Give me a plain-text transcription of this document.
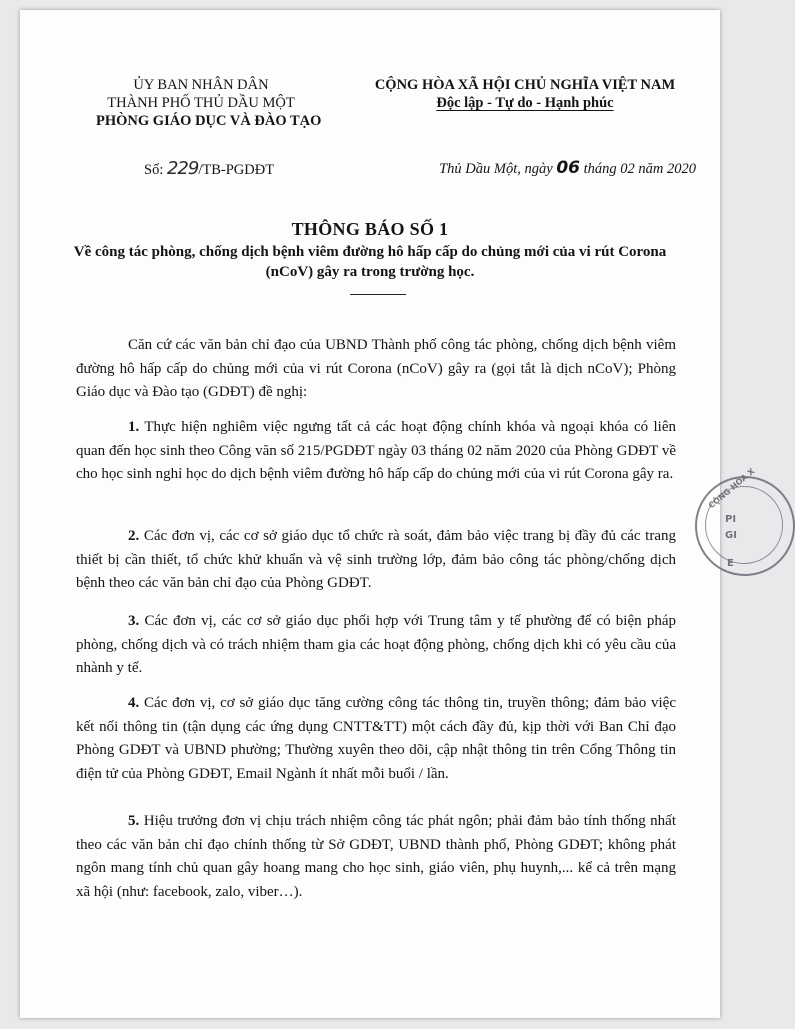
ỦY BAN NHÂN DÂN
THÀNH PHỐ THỦ DẦU MỘT
PHÒNG GIÁO DỤC VÀ ĐÀO TẠO
CỘNG HÒA XÃ HỘI CHỦ NGHĨA VIỆT NAM
Độc lập - Tự do - Hạnh phúc
Số: 229/TB-PGDĐT	Thủ Dầu Một, ngày 06 tháng 02 năm 2020
THÔNG BÁO SỐ 1
Về công tác phòng, chống dịch bệnh viêm đường hô hấp cấp do chủng mới của vi rút Corona (nCoV) gây ra trong trường học.

Căn cứ các văn bản chỉ đạo của UBND Thành phố công tác phòng, chống dịch bệnh viêm đường hô hấp cấp do chủng mới của vi rút Corona (nCoV) gây ra (gọi tắt là dịch nCoV); Phòng Giáo dục và Đào tạo (GDĐT) đề nghị:

1. Thực hiện nghiêm việc ngưng tất cả các hoạt động chính khóa và ngoại khóa có liên quan đến học sinh theo Công văn số 215/PGDĐT ngày 03 tháng 02 năm 2020 của Phòng GDĐT về cho học sinh nghỉ học do dịch bệnh viêm đường hô hấp cấp do chủng mới của vi rút Corona gây ra.

2. Các đơn vị, các cơ sở giáo dục tổ chức rà soát, đảm bảo việc trang bị đầy đủ các trang thiết bị cần thiết, tổ chức khử khuẩn và vệ sinh trường lớp, đảm bảo công tác phòng/chống dịch bệnh theo các văn bản chỉ đạo của Phòng GDĐT.

3. Các đơn vị, các cơ sở giáo dục phối hợp với Trung tâm y tế phường để có biện pháp phòng, chống dịch và có trách nhiệm tham gia các hoạt động phòng, chống dịch khi có yêu cầu của nhành y tế.

4. Các đơn vị, cơ sở giáo dục tăng cường công tác thông tin, truyền thông; đảm bảo việc kết nối thông tin (tận dụng các ứng dụng CNTT&TT) một cách đầy đủ, kịp thời với Ban Chỉ đạo Phòng GDĐT và UBND phường; Thường xuyên theo dõi, cập nhật thông tin trên Cổng Thông tin điện tử của Phòng GDĐT, Email Ngành ít nhất mỗi buổi / lần.

5. Hiệu trưởng đơn vị chịu trách nhiệm công tác phát ngôn; phải đảm bảo tính thống nhất theo các văn bản chỉ đạo chính thống từ Sở GDĐT, UBND thành phố, Phòng GDĐT; không phát ngôn mang tính chủ quan gây hoang mang cho học sinh, giáo viên, phụ huynh,... kể cả trên mạng xã hội (như: facebook, zalo, viber…).

CỘNG HÒA X
PI
GI
E
